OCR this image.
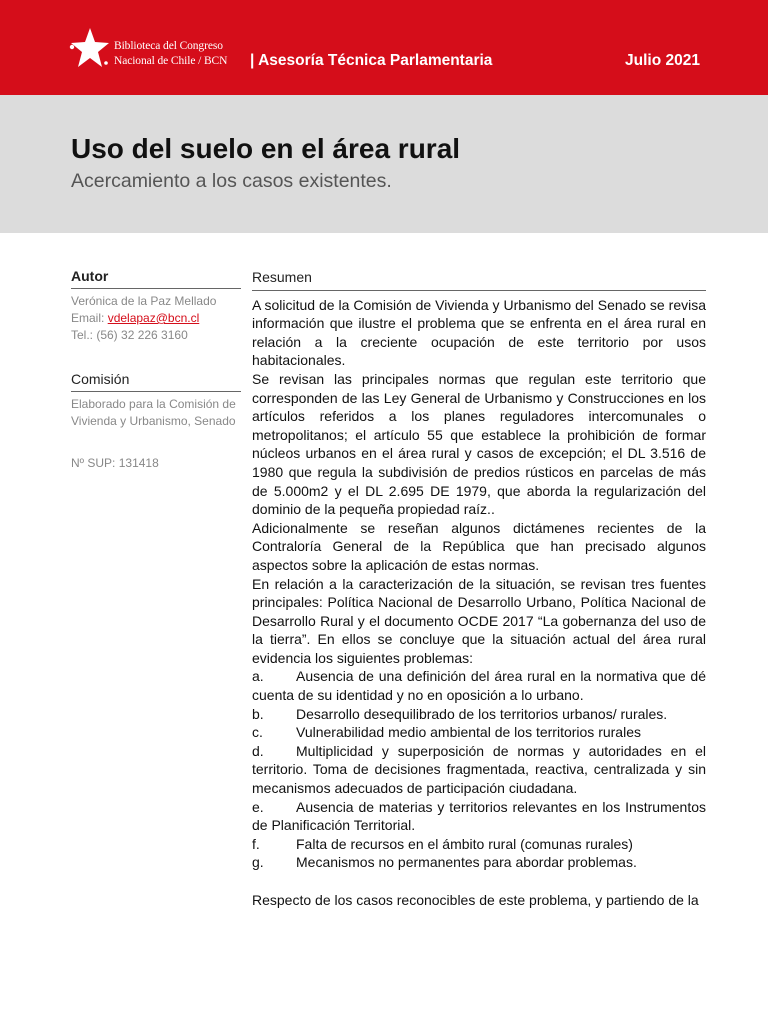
Biblioteca del Congreso
Nacional de Chile / BCN	| Asesoría Técnica Parlamentaria	Julio 2021
Uso del suelo en el área rural
Acercamiento a los casos existentes.
Autor
Verónica de la Paz Mellado
Email: vdelapaz@bcn.cl
Tel.: (56) 32 226 3160
Comisión
Elaborado para la Comisión de Vivienda y Urbanismo, Senado
Nº SUP: 131418
Resumen

A solicitud de la Comisión de Vivienda y Urbanismo del Senado se revisa información que ilustre el problema que se enfrenta en el área rural en relación a la creciente ocupación de este territorio por usos habitacionales.

Se revisan las principales normas que regulan este territorio que corresponden de las Ley General de Urbanismo y Construcciones en los artículos referidos a los planes reguladores intercomunales o metropolitanos; el artículo 55 que establece la prohibición de formar núcleos urbanos en el área rural y casos de excepción; el DL 3.516 de 1980 que regula la subdivisión de predios rústicos en parcelas de más de 5.000m2 y el DL 2.695 DE 1979, que aborda la regularización del dominio de la pequeña propiedad raíz..

Adicionalmente se reseñan algunos dictámenes recientes de la Contraloría General de la República que han precisado algunos aspectos sobre la aplicación de estas normas.

En relación a la caracterización de la situación, se revisan tres fuentes principales: Política Nacional de Desarrollo Urbano, Política Nacional de Desarrollo Rural y el documento OCDE 2017 “La gobernanza del uso de la tierra”. En ellos se concluye que la situación actual del área rural evidencia los siguientes problemas:

a. Ausencia de una definición del área rural en la normativa que dé cuenta de su identidad y no en oposición a lo urbano.
b.	Desarrollo desequilibrado de los territorios urbanos/ rurales.
c.	Vulnerabilidad medio ambiental de los territorios rurales
d. Multiplicidad y superposición de normas y autoridades en el territorio. Toma de decisiones fragmentada, reactiva, centralizada y sin mecanismos adecuados de participación ciudadana.
e. Ausencia de materias y territorios relevantes en los Instrumentos de Planificación Territorial.
f.	Falta de recursos en el ámbito rural (comunas rurales)
g.	Mecanismos no permanentes para abordar problemas.
Respecto de los casos reconocibles de este problema, y partiendo de la
